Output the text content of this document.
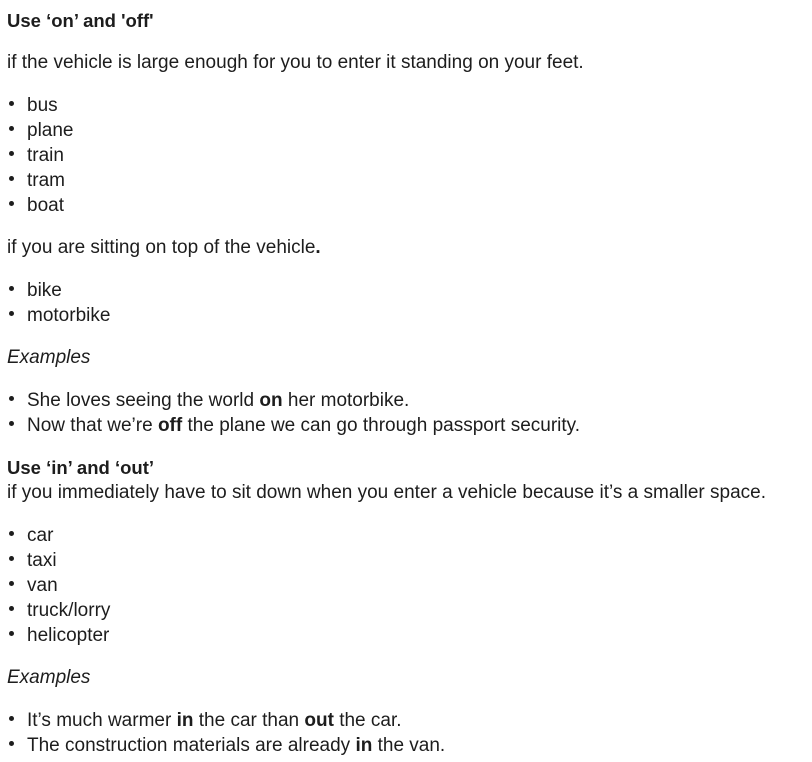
Use ‘on’ and 'off'

if the vehicle is large enough for you to enter it standing on your feet.

bus
plane
train
tram
boat

if you are sitting on top of the vehicle.

bike
motorbike

Examples

She loves seeing the world on her motorbike.
Now that we’re off the plane we can go through passport security.
Use ‘in’ and ‘out’

if you immediately have to sit down when you enter a vehicle because it’s a smaller space.

car
taxi
van
truck/lorry
helicopter

Examples

It’s much warmer in the car than out the car.
The construction materials are already in the van.
